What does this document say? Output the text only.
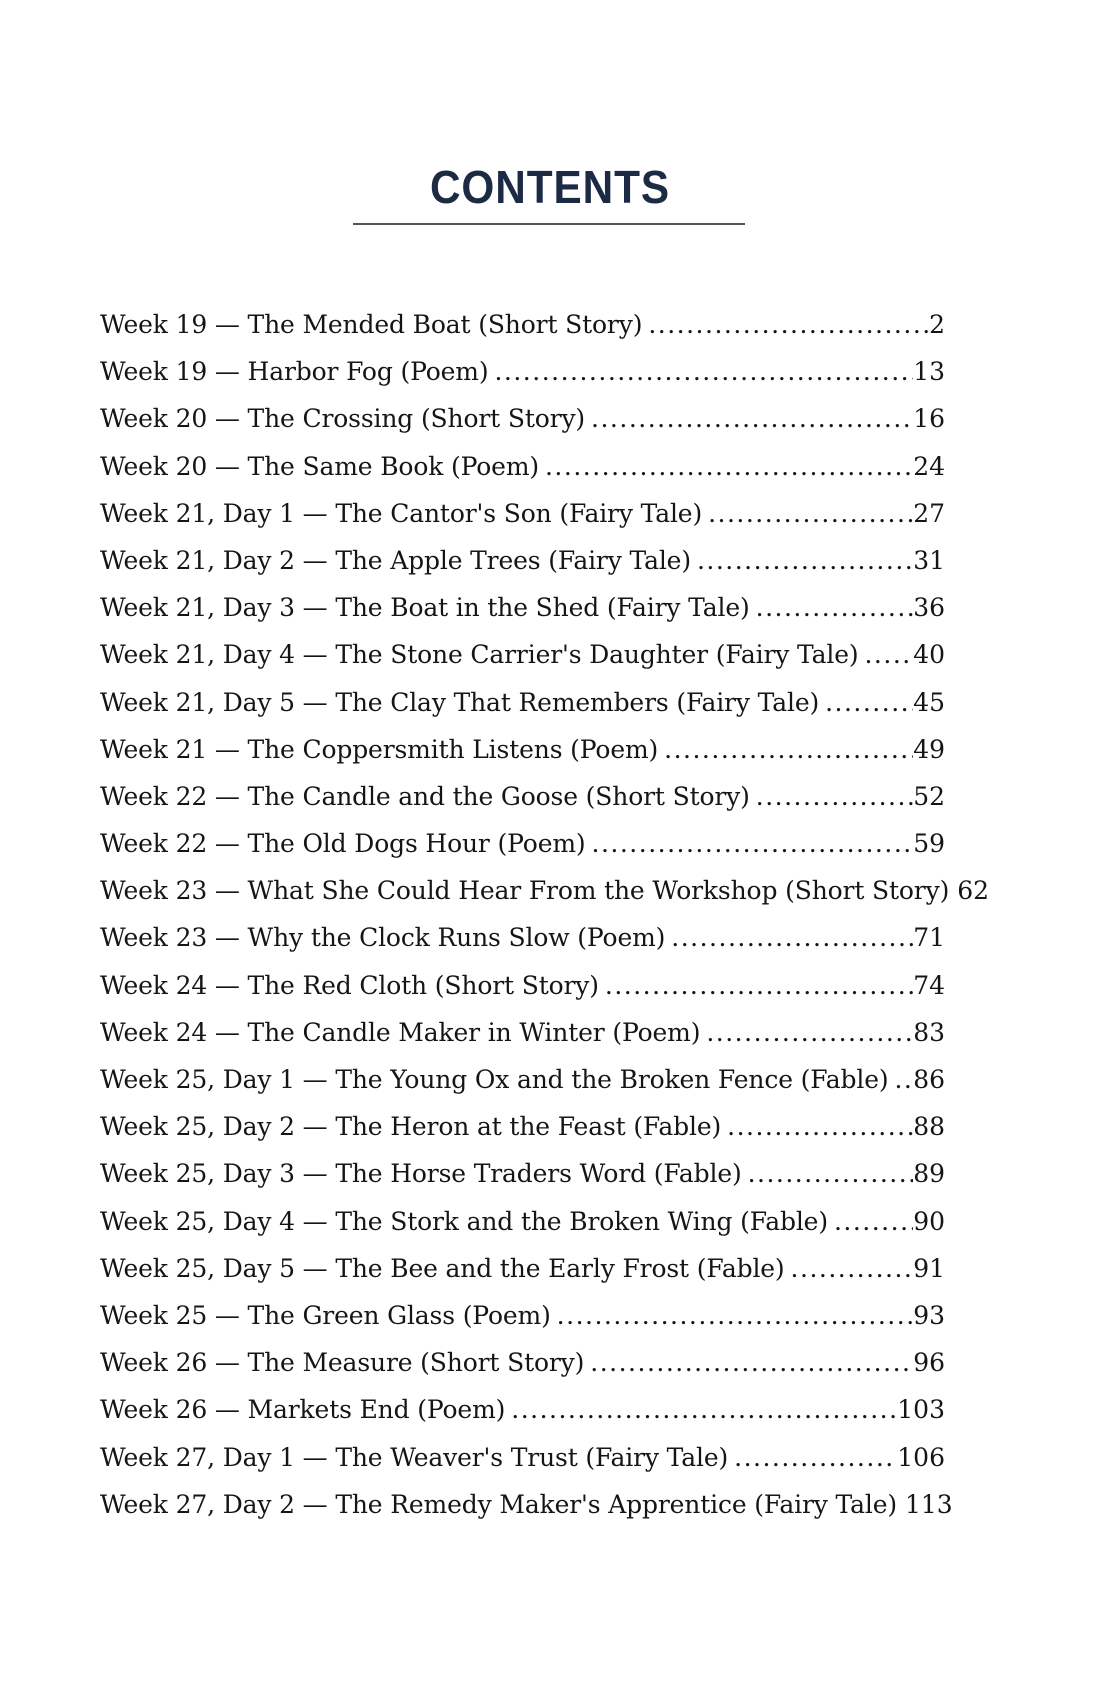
CONTENTS
Week 19 — The Mended Boat (Short Story) .....	2
Week 19 — Harbor Fog (Poem) .....	13
Week 20 — The Crossing (Short Story) .....	16
Week 20 — The Same Book (Poem) .....	24
Week 21, Day 1 — The Cantor's Son (Fairy Tale) .....	27
Week 21, Day 2 — The Apple Trees (Fairy Tale) .....	31
Week 21, Day 3 — The Boat in the Shed (Fairy Tale) .....	36
Week 21, Day 4 — The Stone Carrier's Daughter (Fairy Tale) ..... 40
Week 21, Day 5 — The Clay That Remembers (Fairy Tale) .....	45
Week 21 — The Coppersmith Listens (Poem) .....	49
Week 22 — The Candle and the Goose (Short Story) .....	52
Week 22 — The Old Dogs Hour (Poem) .....	59
Week 23 — What She Could Hear From the Workshop (Short Story) ..... 62
Week 23 — Why the Clock Runs Slow (Poem) .....	71
Week 24 — The Red Cloth (Short Story) .....	74
Week 24 — The Candle Maker in Winter (Poem) .....	83
Week 25, Day 1 — The Young Ox and the Broken Fence (Fable) ..... 86
Week 25, Day 2 — The Heron at the Feast (Fable) .....	88
Week 25, Day 3 — The Horse Traders Word (Fable) .....	89
Week 25, Day 4 — The Stork and the Broken Wing (Fable) .....	90
Week 25, Day 5 — The Bee and the Early Frost (Fable) .....	91
Week 25 — The Green Glass (Poem) .....	93
Week 26 — The Measure (Short Story) .....	96
Week 26 — Markets End (Poem) .....	103
Week 27, Day 1 — The Weaver's Trust (Fairy Tale) .....	106
Week 27, Day 2 — The Remedy Maker's Apprentice (Fairy Tale) ..... 113
